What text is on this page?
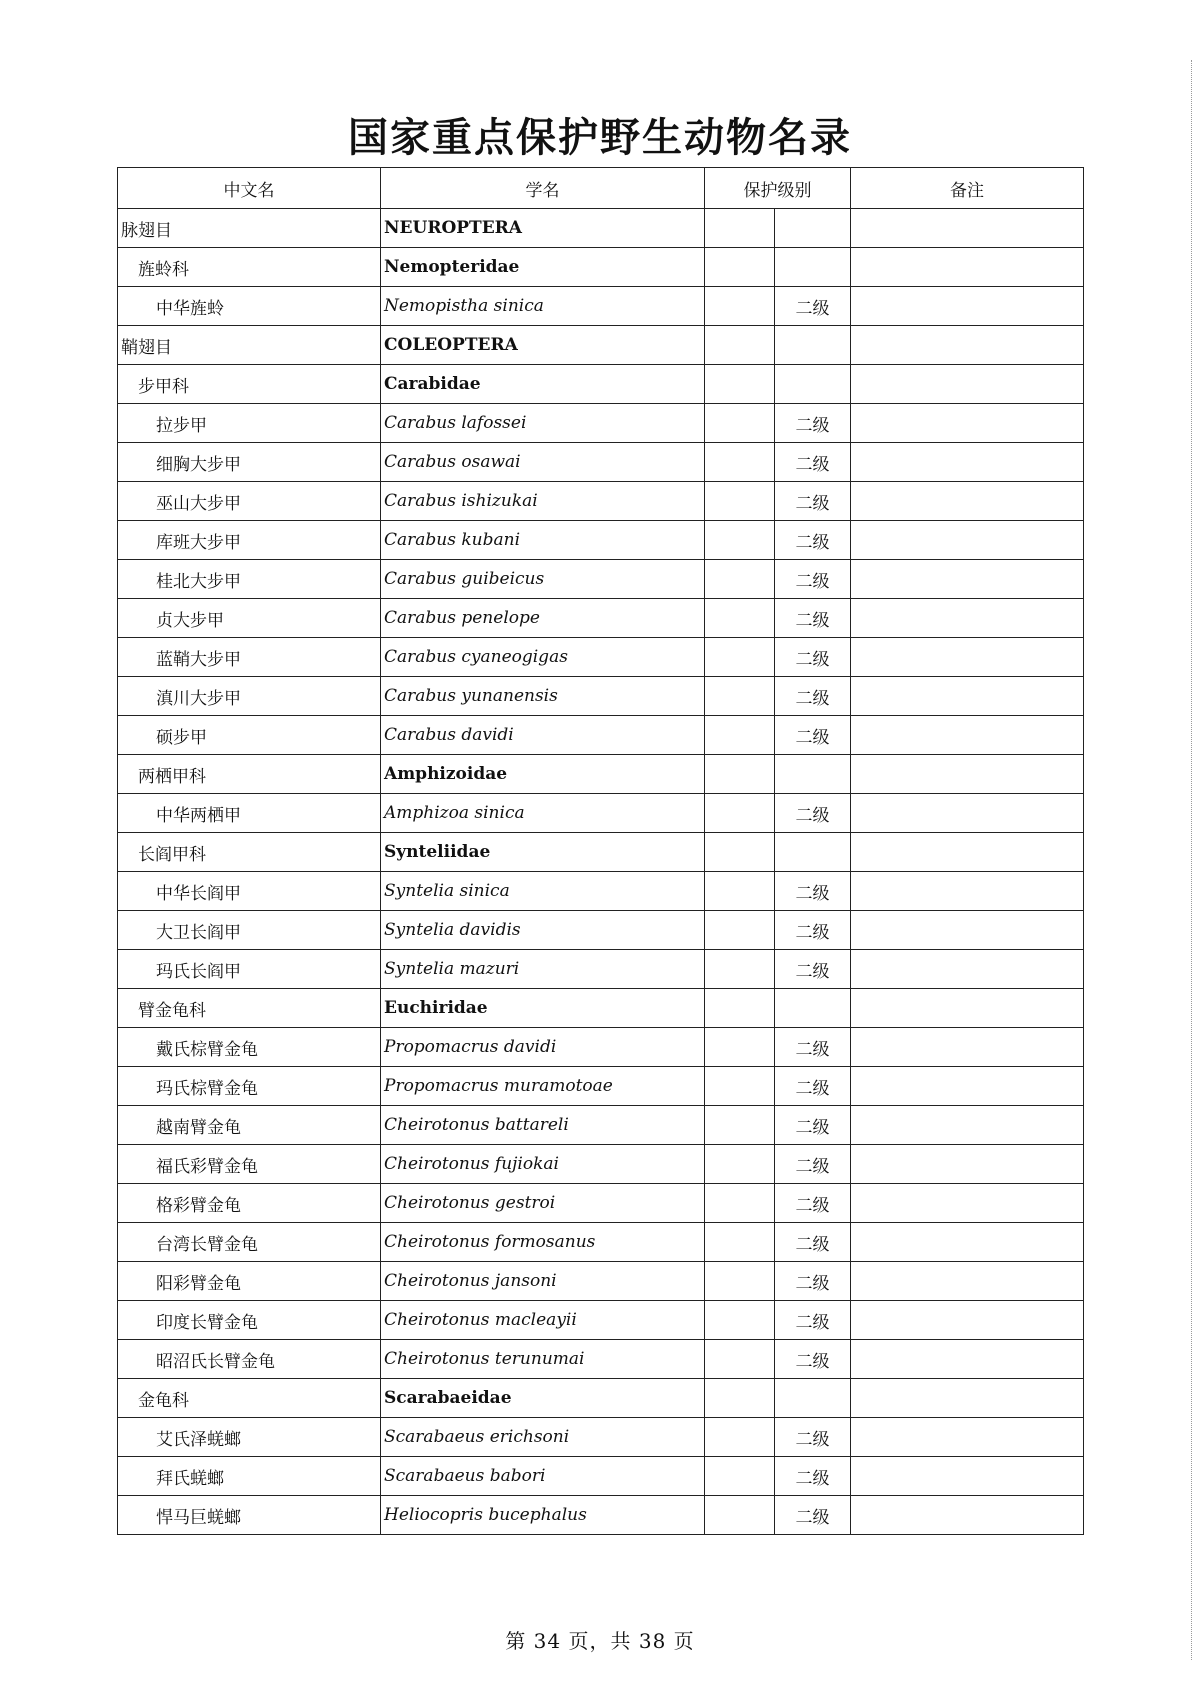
国家重点保护野生动物名录
中文名	学名	保护级别		备注
脉翅目	NEUROPTERA			
旌蛉科	Nemopteridae			
中华旌蛉	Nemopistha sinica		二级	
鞘翅目	COLEOPTERA			
步甲科	Carabidae			
拉步甲	Carabus lafossei		二级	
细胸大步甲	Carabus osawai		二级	
巫山大步甲	Carabus ishizukai		二级	
库班大步甲	Carabus kubani		二级	
桂北大步甲	Carabus guibeicus		二级	
贞大步甲	Carabus penelope		二级	
蓝鞘大步甲	Carabus cyaneogigas		二级	
滇川大步甲	Carabus yunanensis		二级	
硕步甲	Carabus davidi		二级	
两栖甲科	Amphizoidae			
中华两栖甲	Amphizoa sinica		二级	
长阎甲科	Synteliidae			
中华长阎甲	Syntelia sinica		二级	
大卫长阎甲	Syntelia davidis		二级	
玛氏长阎甲	Syntelia mazuri		二级	
臂金龟科	Euchiridae			
戴氏棕臂金龟	Propomacrus davidi		二级	
玛氏棕臂金龟	Propomacrus muramotoae		二级	
越南臂金龟	Cheirotonus battareli		二级	
福氏彩臂金龟	Cheirotonus fujiokai		二级	
格彩臂金龟	Cheirotonus gestroi		二级	
台湾长臂金龟	Cheirotonus formosanus		二级	
阳彩臂金龟	Cheirotonus jansoni		二级	
印度长臂金龟	Cheirotonus macleayii		二级	
昭沼氏长臂金龟	Cheirotonus terunumai		二级	
金龟科	Scarabaeidae			
艾氏泽蜣螂	Scarabaeus erichsoni		二级	
拜氏蜣螂	Scarabaeus babori		二级	
悍马巨蜣螂	Heliocopris bucephalus		二级	
第 34 页，共 38 页
